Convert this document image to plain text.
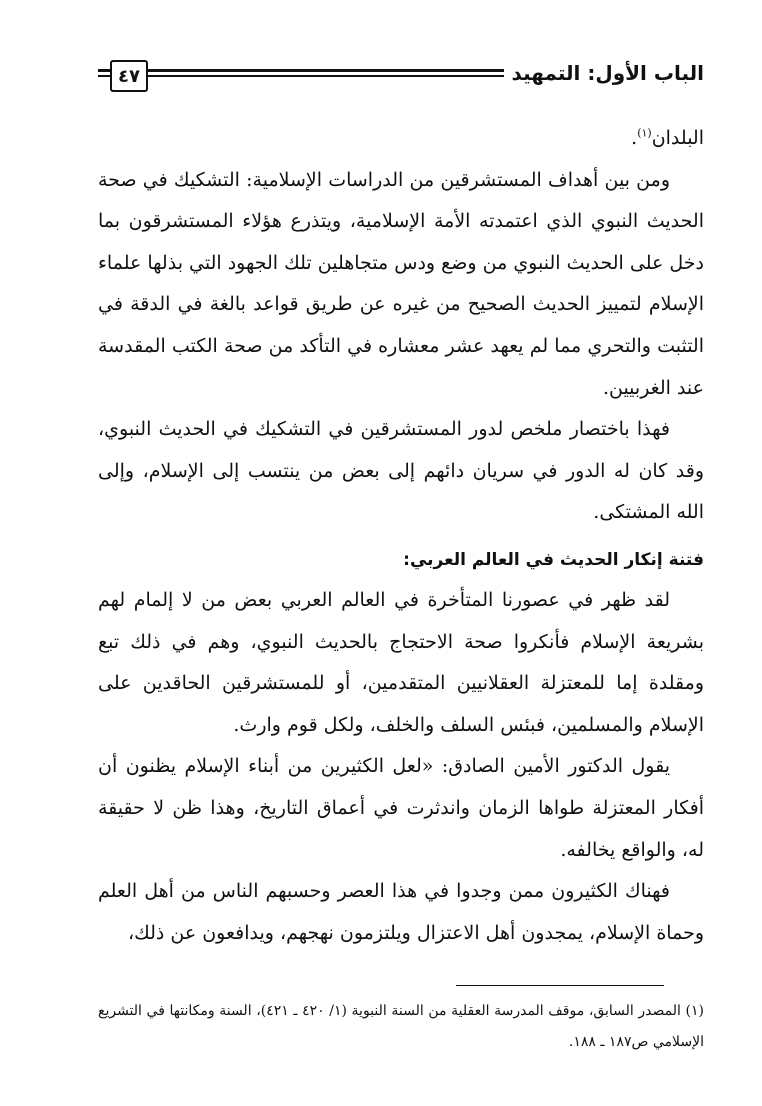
٤٧	الباب الأول: التمهيد

البلدان$^{(١)}$.

ومن بين أهداف المستشرقين من الدراسات الإسلامية: التشكيك في صحة الحديث النبوي الذي اعتمدته الأمة الإسلامية، ويتذرع هؤلاء المستشرقون بما دخل على الحديث النبوي من وضع ودس متجاهلين تلك الجهود التي بذلها علماء الإسلام لتمييز الحديث الصحيح من غيره عن طريق قواعد بالغة في الدقة في التثبت والتحري مما لم يعهد عشر معشاره في التأكد من صحة الكتب المقدسة عند الغربيين.

فهذا باختصار ملخص لدور المستشرقين في التشكيك في الحديث النبوي، وقد كان له الدور في سريان دائهم إلى بعض من ينتسب إلى الإسلام، وإلى الله المشتكى.

فتنة إنكار الحديث في العالم العربي:

لقد ظهر في عصورنا المتأخرة في العالم العربي بعض من لا إلمام لهم بشريعة الإسلام فأنكروا صحة الاحتجاج بالحديث النبوي، وهم في ذلك تبع ومقلدة إما للمعتزلة العقلانيين المتقدمين، أو للمستشرقين الحاقدين على الإسلام والمسلمين، فبئس السلف والخلف، ولكل قوم وارث.

يقول الدكتور الأمين الصادق: «لعل الكثيرين من أبناء الإسلام يظنون أن أفكار المعتزلة طواها الزمان واندثرت في أعماق التاريخ، وهذا ظن لا حقيقة له، والواقع يخالفه.

فهناك الكثيرون ممن وجدوا في هذا العصر وحسبهم الناس من أهل العلم وحماة الإسلام، يمجدون أهل الاعتزال ويلتزمون نهجهم، ويدافعون عن ذلك،

(١) المصدر السابق، موقف المدرسة العقلية من السنة النبوية (١/ ٤٢٠ ـ ٤٢١)، السنة ومكانتها في التشريع الإسلامي ص١٨٧ ـ ١٨٨.
